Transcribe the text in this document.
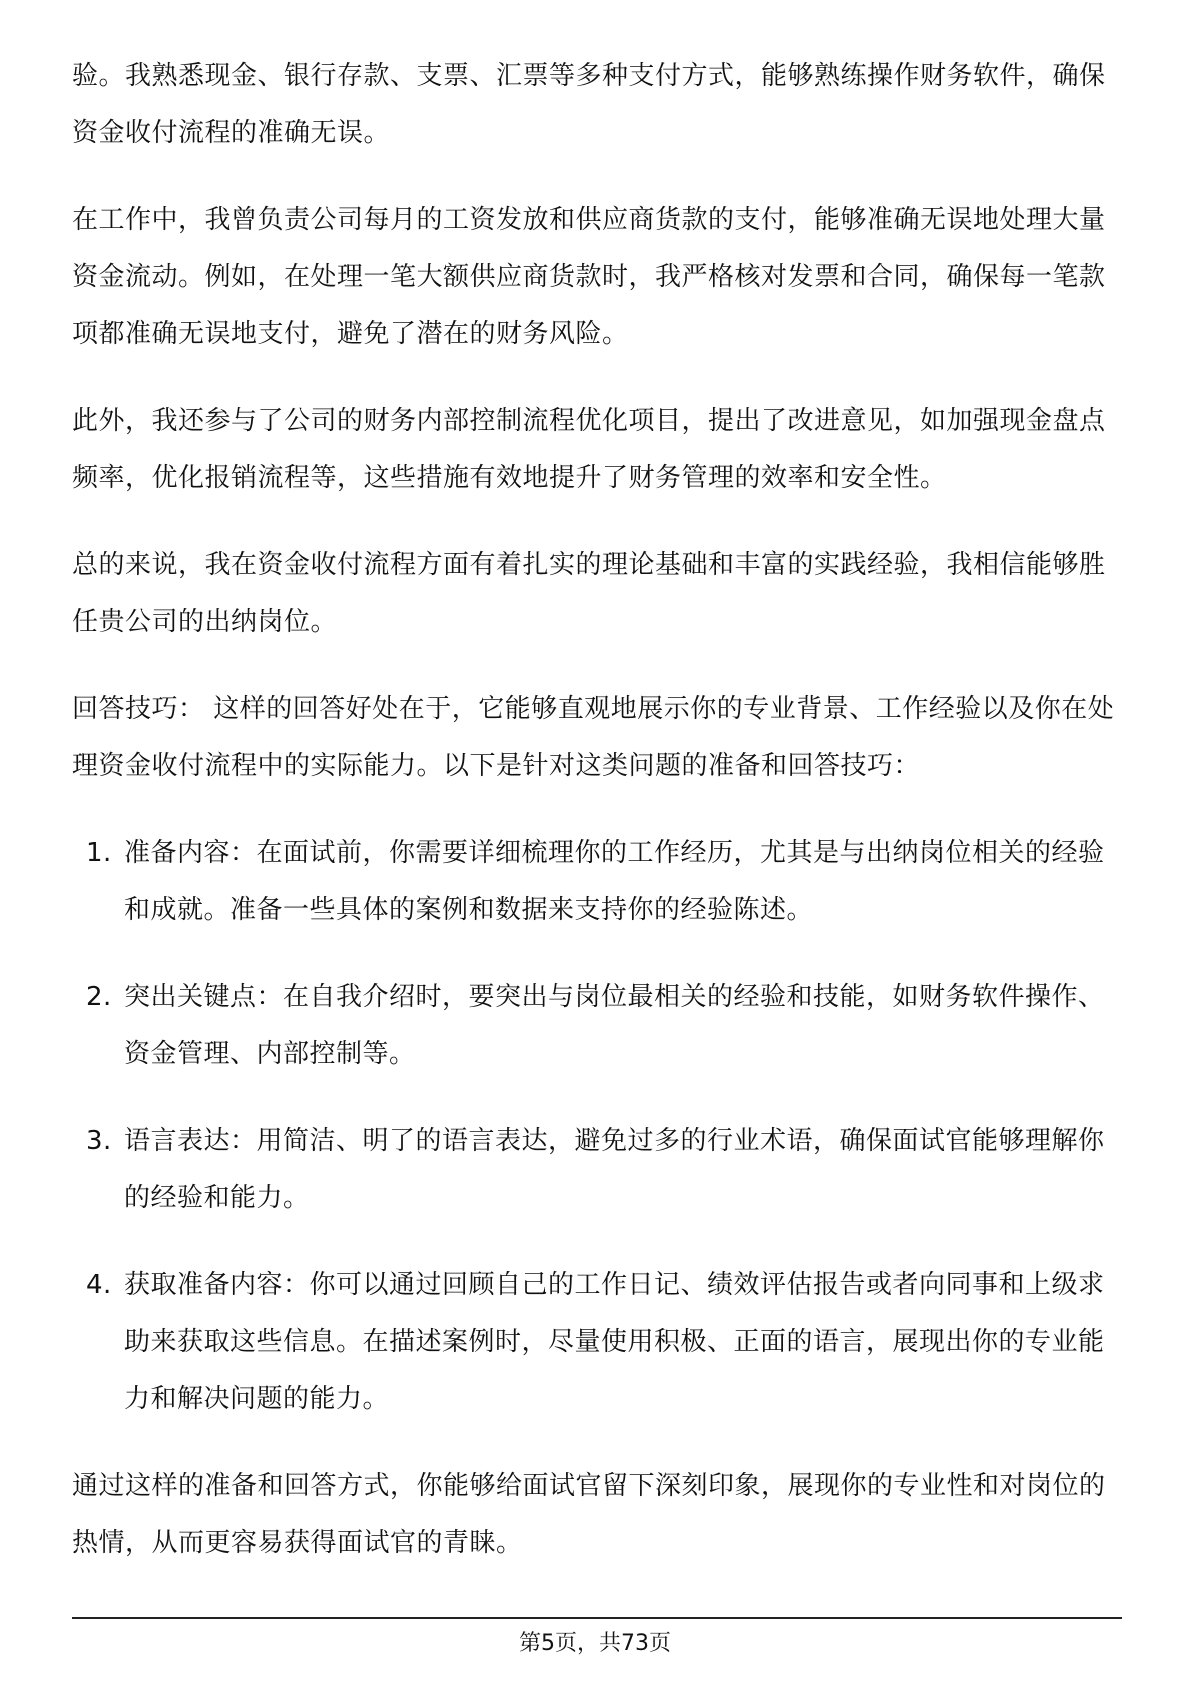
验。我熟悉现金、银行存款、支票、汇票等多种支付方式，能够熟练操作财务软件，确保资金收付流程的准确无误。

在工作中，我曾负责公司每月的工资发放和供应商货款的支付，能够准确无误地处理大量资金流动。例如，在处理一笔大额供应商货款时，我严格核对发票和合同，确保每一笔款项都准确无误地支付，避免了潜在的财务风险。

此外，我还参与了公司的财务内部控制流程优化项目，提出了改进意见，如加强现金盘点频率，优化报销流程等，这些措施有效地提升了财务管理的效率和安全性。

总的来说，我在资金收付流程方面有着扎实的理论基础和丰富的实践经验，我相信能够胜任贵公司的出纳岗位。

回答技巧： 这样的回答好处在于，它能够直观地展示你的专业背景、工作经验以及你在处理资金收付流程中的实际能力。以下是针对这类问题的准备和回答技巧：

1. 准备内容：在面试前，你需要详细梳理你的工作经历，尤其是与出纳岗位相关的经验和成就。准备一些具体的案例和数据来支持你的经验陈述。
2. 突出关键点：在自我介绍时，要突出与岗位最相关的经验和技能，如财务软件操作、资金管理、内部控制等。
3. 语言表达：用简洁、明了的语言表达，避免过多的行业术语，确保面试官能够理解你的经验和能力。
4. 获取准备内容：你可以通过回顾自己的工作日记、绩效评估报告或者向同事和上级求助来获取这些信息。在描述案例时，尽量使用积极、正面的语言，展现出你的专业能力和解决问题的能力。

通过这样的准备和回答方式，你能够给面试官留下深刻印象，展现你的专业性和对岗位的热情，从而更容易获得面试官的青睐。

第5页，共73页
